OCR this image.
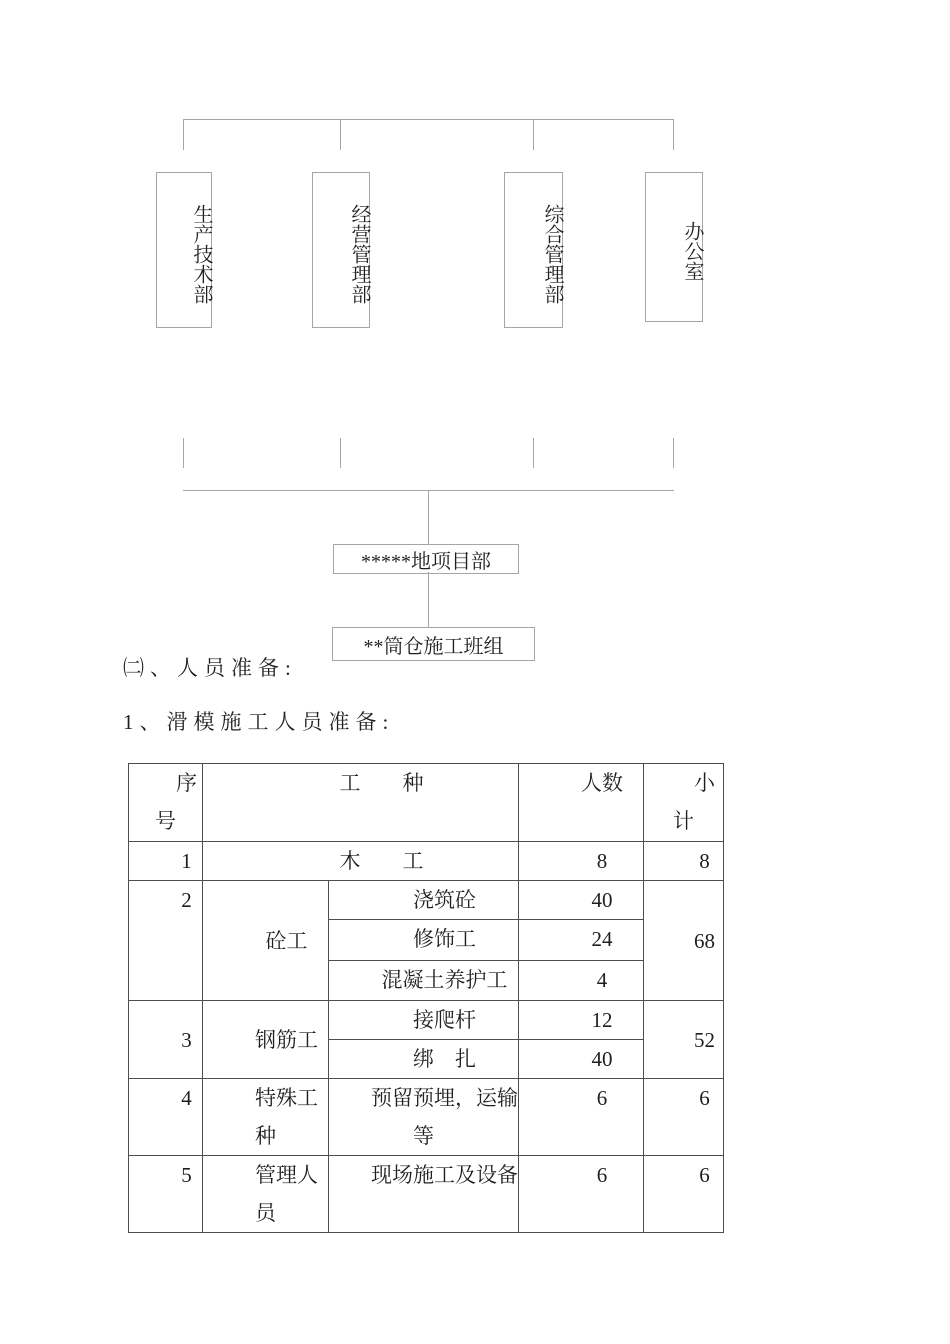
生产技术部	经营管理部	综合管理部	办公室
*****地项目部
**筒仓施工班组
㈡、人员准备:
1、滑模施工人员准备:
序号	工　　种		人数	小计
1	木　　工		8	8
2	砼工	浇筑砼	40	68
		修饰工	24	
		混凝土养护工	4	
3	钢筋工	接爬杆	12	52
		绑　扎	40	
4	特殊工种	预留预埋，运输等	6	6
5	管理人员	现场施工及设备	6	6
